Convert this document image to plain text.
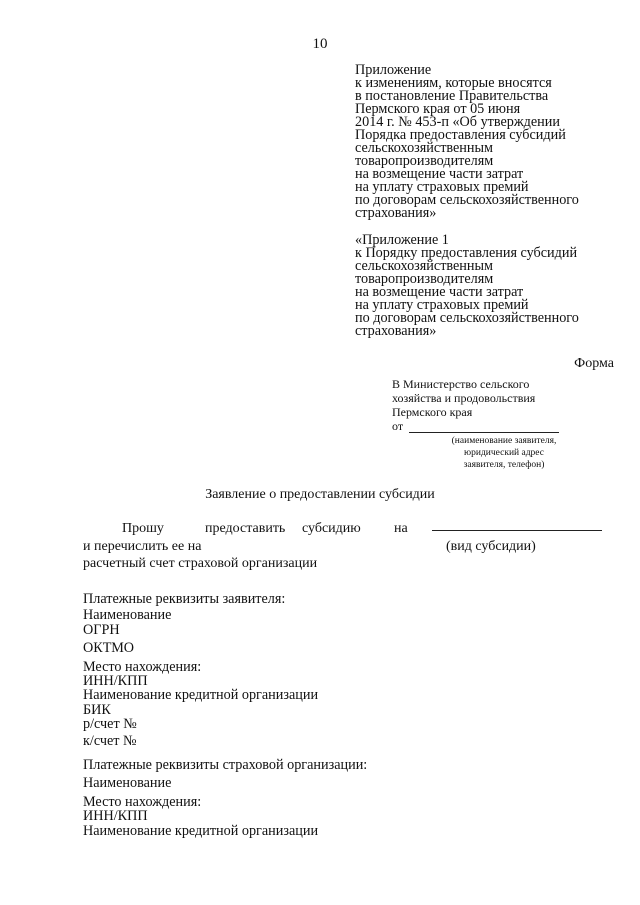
10
Приложение
к изменениям, которые вносятся
в постановление Правительства
Пермского края от 05 июня
2014 г. № 453-п «Об утверждении
Порядка предоставления субсидий
сельскохозяйственным
товаропроизводителям
на возмещение части затрат
на уплату страховых премий
по договорам сельскохозяйственного
страхования»
«Приложение 1
к Порядку предоставления субсидий
сельскохозяйственным
товаропроизводителям
на возмещение части затрат
на уплату страховых премий
по договорам сельскохозяйственного
страхования»
Форма
В Министерство сельского
хозяйства и продовольствия
Пермского края
от
(наименование заявителя,
юридический адрес
заявителя, телефон)
Заявление о предоставлении субсидии
Прошу	предоставить субсидию на
и перечислить ее на	(вид субсидии)
расчетный счет страховой организации
Платежные реквизиты заявителя:
Наименование
ОГРН
ОКТМО
Место нахождения:
ИНН/КПП
Наименование кредитной организации
БИК
р/счет №
к/счет №
Платежные реквизиты страховой организации:
Наименование
Место нахождения:
ИНН/КПП
Наименование кредитной организации
